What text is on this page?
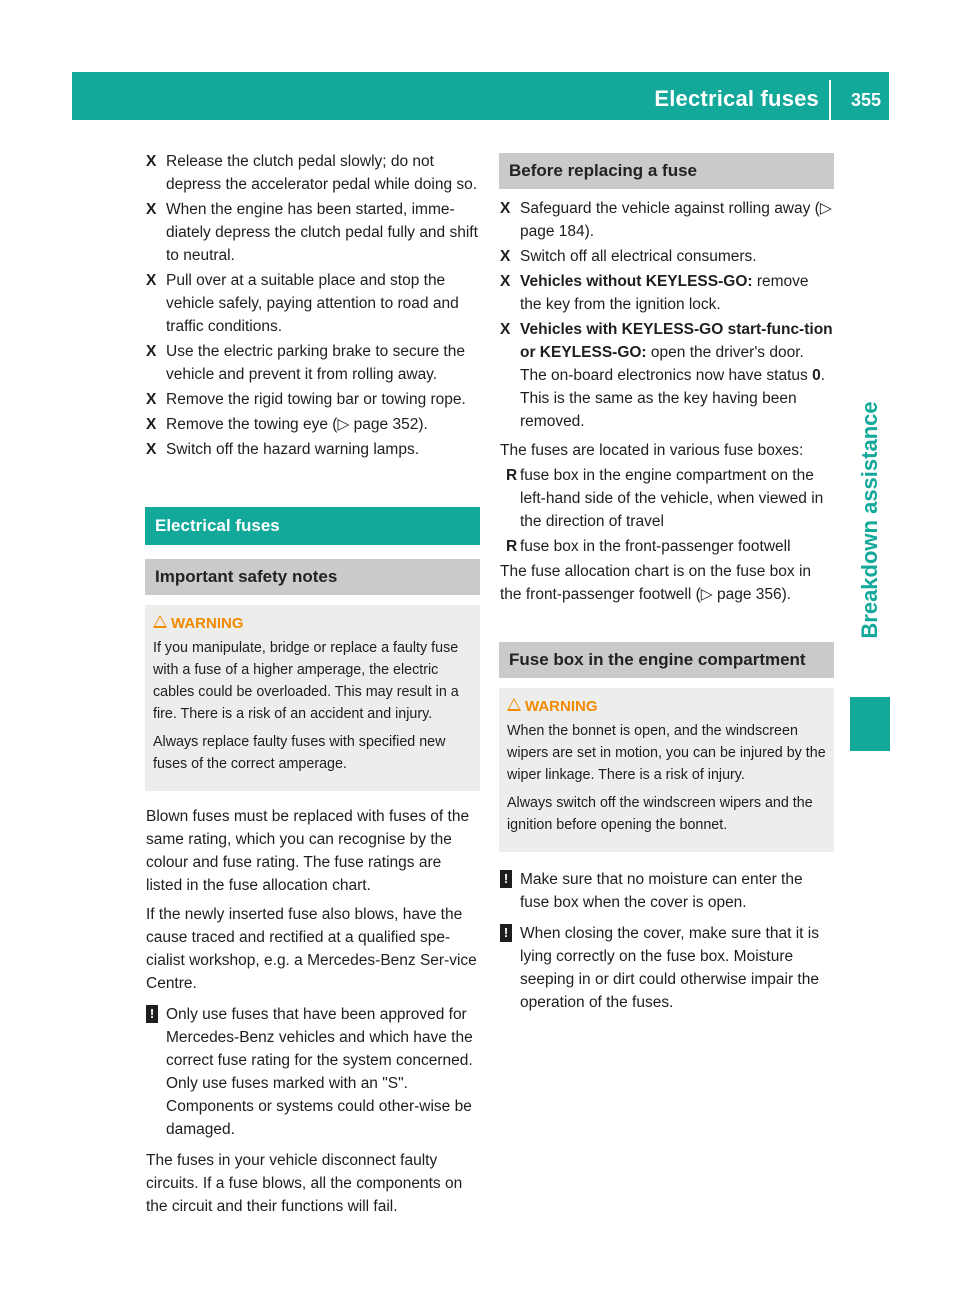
Electrical fuses 355
Breakdown assistance
X Release the clutch pedal slowly; do not depress the accelerator pedal while doing so.
X When the engine has been started, imme-diately depress the clutch pedal fully and shift to neutral.
X Pull over at a suitable place and stop the vehicle safely, paying attention to road and traffic conditions.
X Use the electric parking brake to secure the vehicle and prevent it from rolling away.
X Remove the rigid towing bar or towing rope.
X Remove the towing eye (▷ page 352).
X Switch off the hazard warning lamps.
Electrical fuses
Important safety notes
WARNING

If you manipulate, bridge or replace a faulty fuse with a fuse of a higher amperage, the electric cables could be overloaded. This may result in a fire. There is a risk of an accident and injury.

Always replace faulty fuses with specified new fuses of the correct amperage.

Blown fuses must be replaced with fuses of the same rating, which you can recognise by the colour and fuse rating. The fuse ratings are listed in the fuse allocation chart.

If the newly inserted fuse also blows, have the cause traced and rectified at a qualified spe-cialist workshop, e.g. a Mercedes-Benz Ser-vice Centre.

! Only use fuses that have been approved for Mercedes-Benz vehicles and which have the correct fuse rating for the system concerned. Only use fuses marked with an "S". Components or systems could other-wise be damaged.

The fuses in your vehicle disconnect faulty circuits. If a fuse blows, all the components on the circuit and their functions will fail.

Before replacing a fuse
X Safeguard the vehicle against rolling away (▷ page 184).
X Switch off all electrical consumers.
X Vehicles without KEYLESS-GO: remove the key from the ignition lock.
X Vehicles with KEYLESS-GO start-func-tion or KEYLESS-GO: open the driver's door.
The on-board electronics now have status 0. This is the same as the key having been removed.

The fuses are located in various fuse boxes:

R fuse box in the engine compartment on the left-hand side of the vehicle, when viewed in the direction of travel
R fuse box in the front-passenger footwell

The fuse allocation chart is on the fuse box in the front-passenger footwell (▷ page 356).

Fuse box in the engine compartment
WARNING

When the bonnet is open, and the windscreen wipers are set in motion, you can be injured by the wiper linkage. There is a risk of injury.

Always switch off the windscreen wipers and the ignition before opening the bonnet.

! Make sure that no moisture can enter the fuse box when the cover is open.
! When closing the cover, make sure that it is lying correctly on the fuse box. Moisture seeping in or dirt could otherwise impair the operation of the fuses.
